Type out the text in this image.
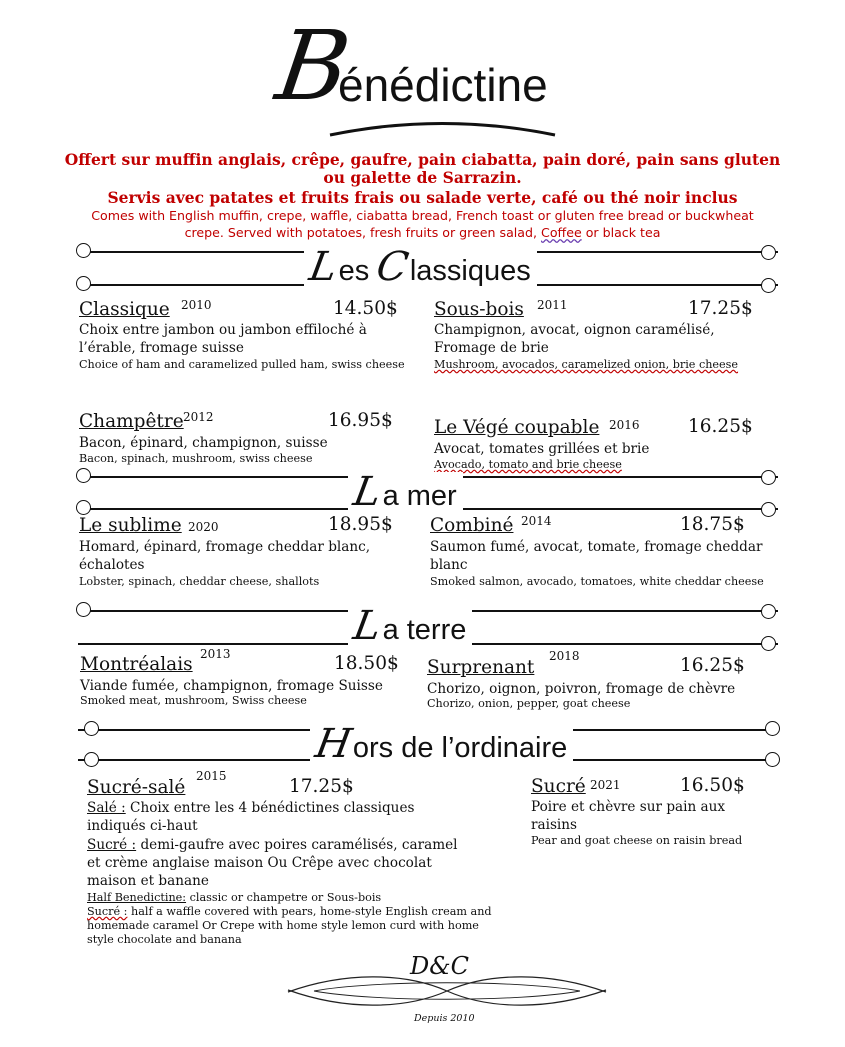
B
énédictine
Offert sur muffin anglais, crêpe, gaufre, pain ciabatta, pain doré, pain sans gluten
ou galette de Sarrazin.
Servis avec patates et fruits frais ou salade verte, café ou thé noir inclus
Comes with English muffin, crepe, waffle, ciabatta bread, French toast or gluten free bread or buckwheat
crepe. Served with potatoes, fresh fruits or green salad, Coffee or black tea
Les Classiques
Classique 2010	14.50$
Choix entre jambon ou jambon effiloché à l’érable, fromage suisse
Choice of ham and caramelized pulled ham, swiss cheese
Sous-bois 2011	17.25$
Champignon, avocat, oignon caramélisé, Fromage de brie
Mushroom, avocados, caramelized onion, brie cheese
Champêtre 2012	16.95$
Bacon, épinard, champignon, suisse
Bacon, spinach, mushroom, swiss cheese
Le Végé coupable 2016	16.25$
Avocat, tomates grillées et brie
Avocado, tomato and brie cheese
La mer
Le sublime 2020	18.95$
Homard, épinard, fromage cheddar blanc, échalotes
Lobster, spinach, cheddar cheese, shallots
Combiné 2014	18.75$
Saumon fumé, avocat, tomate, fromage cheddar blanc
Smoked salmon, avocado, tomatoes, white cheddar cheese
La terre
Montréalais 2013	18.50$
Viande fumée, champignon, fromage Suisse
Smoked meat, mushroom, Swiss cheese
Surprenant
2018	16.25$
Chorizo, oignon, poivron, fromage de chèvre
Chorizo, onion, pepper, goat cheese
Hors de l’ordinaire
Sucré-salé
2015	17.25$
Salé : Choix entre les 4 bénédictines classiques indiqués ci-haut
Sucré : demi-gaufre avec poires caramélisés, caramel et crème anglaise maison Ou Crêpe avec chocolat maison et banane
Half Benedictine: classic or champetre or Sous-bois
Sucré : half a waffle covered with pears, home-style English cream and homemade caramel Or Crepe with home style lemon curd with home style chocolate and banana
Sucré 2021	16.50$
Poire et chèvre sur pain aux raisins
Pear and goat cheese on raisin bread
D&C
Depuis 2010
